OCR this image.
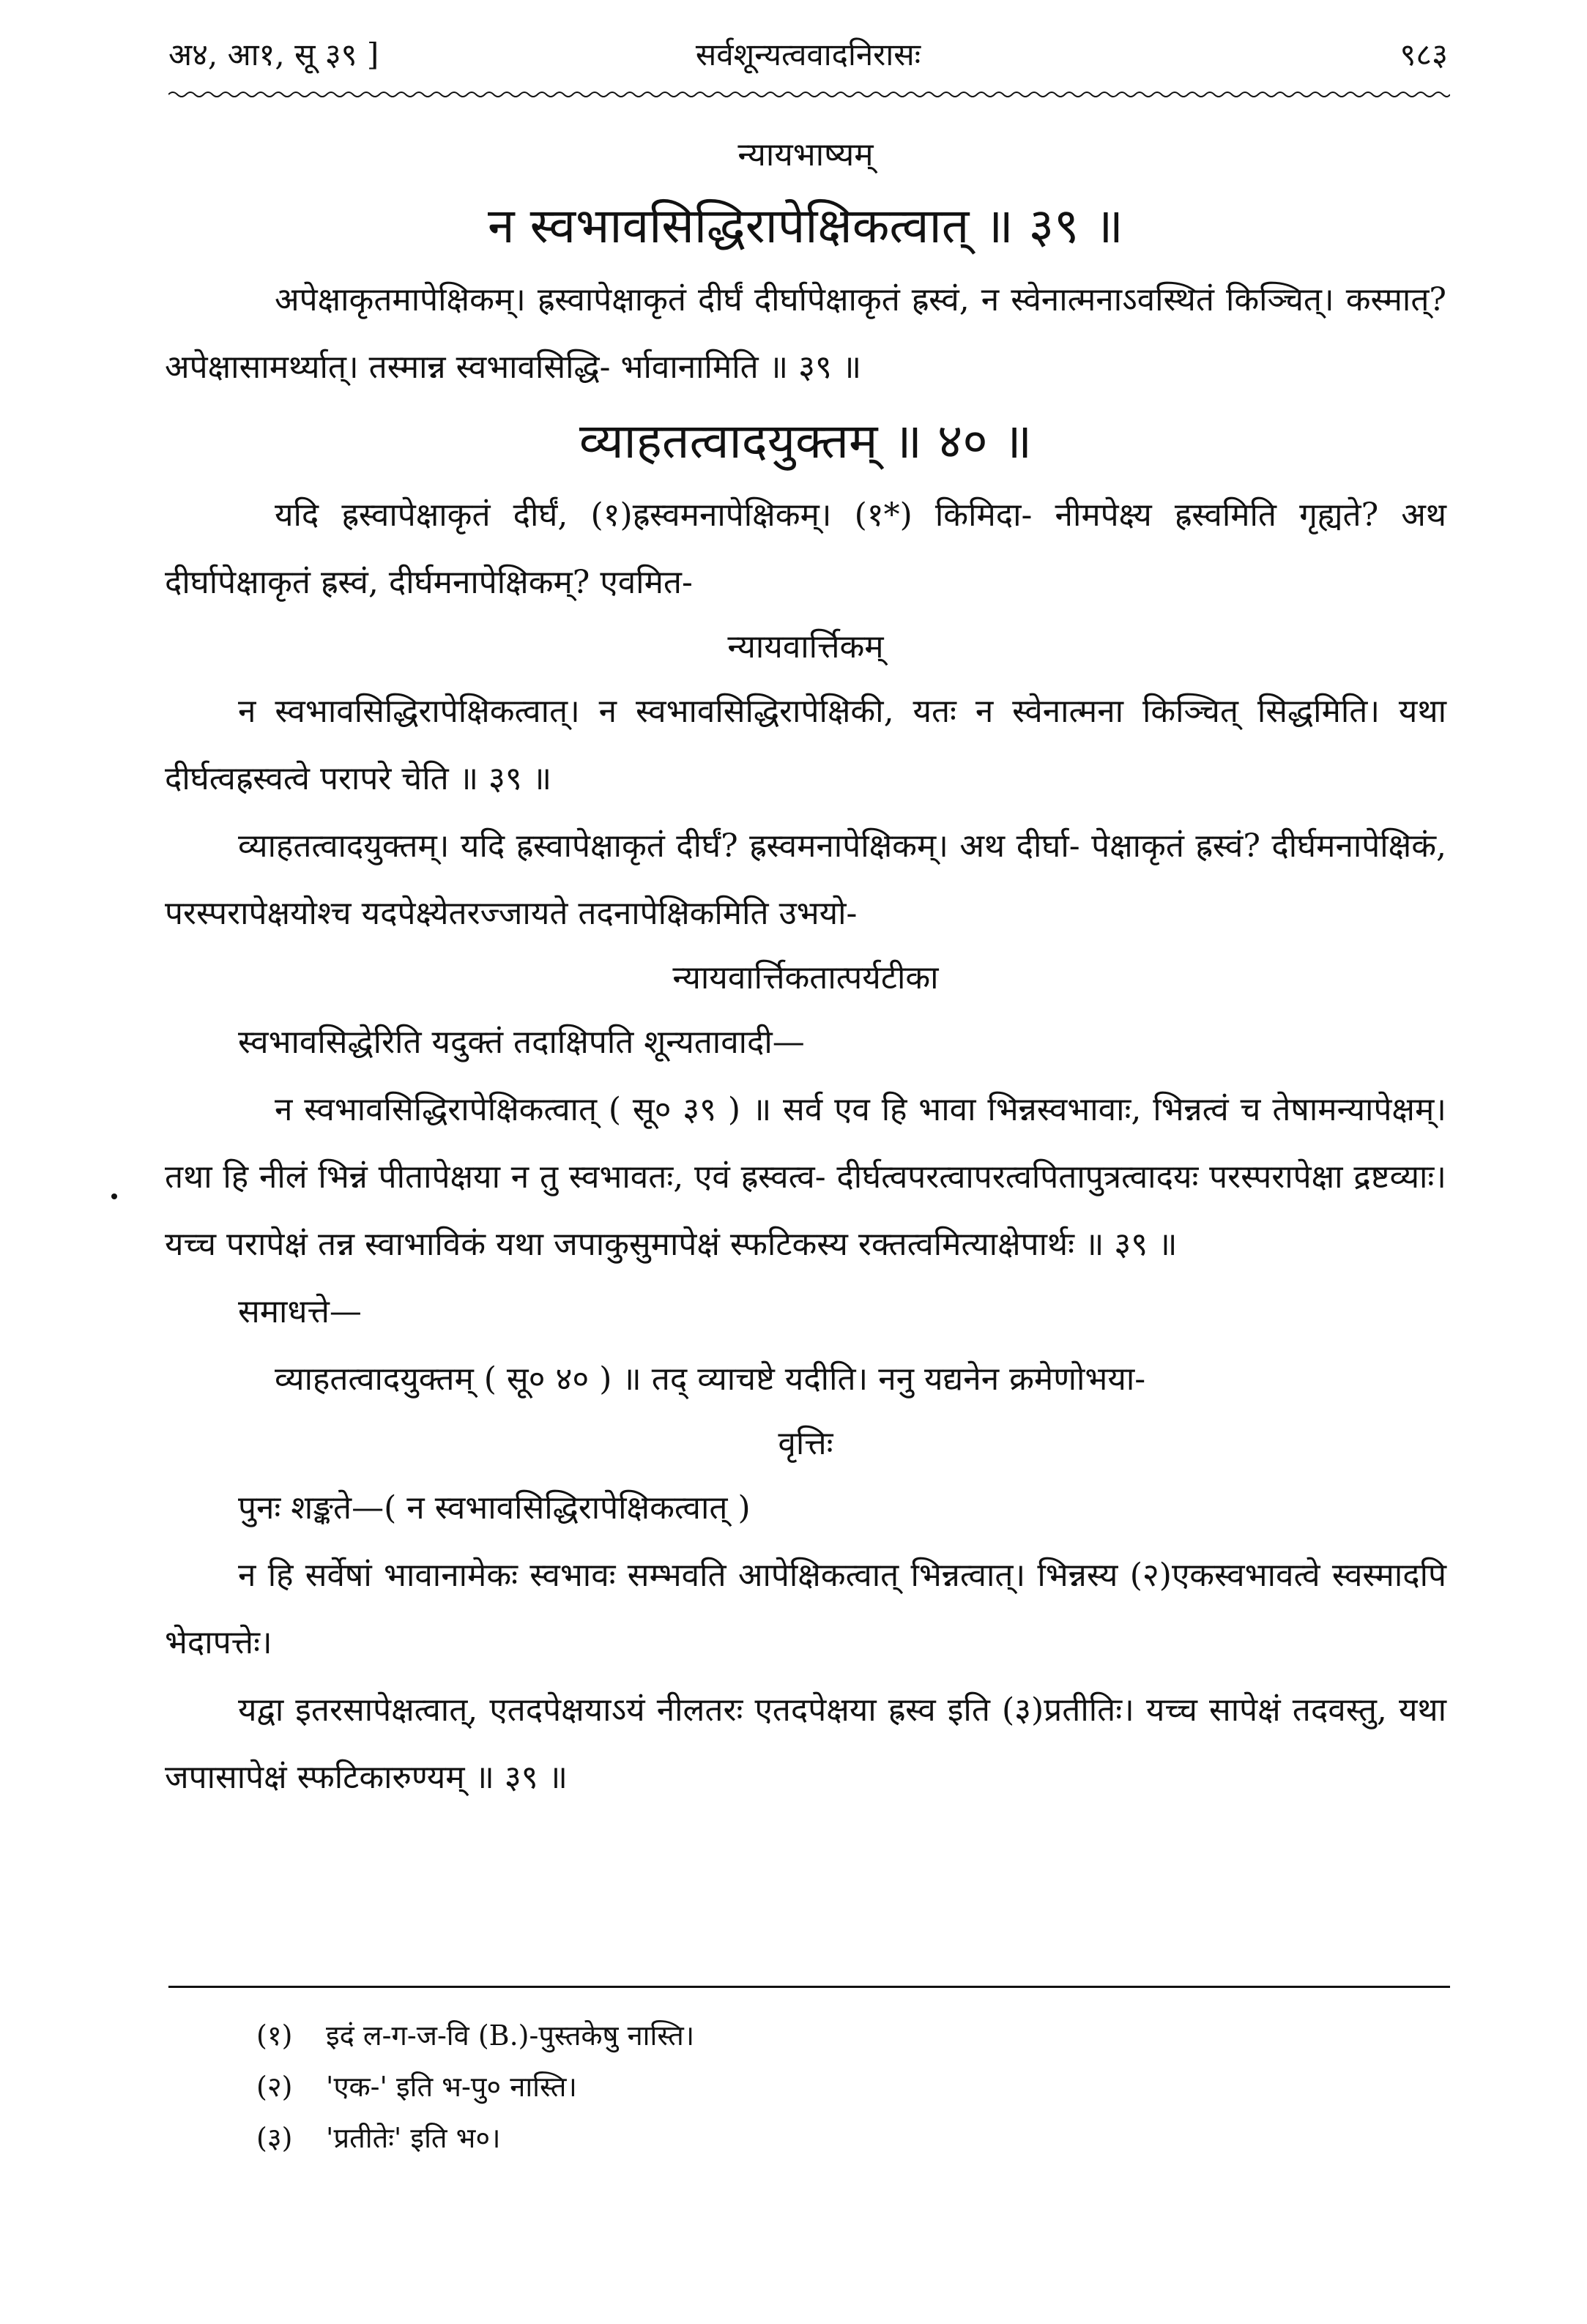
अ४, आ१, सू ३९ ]	सर्वशून्यत्ववादनिरासः	९८३

न्यायभाष्यम्

न स्वभावसिद्धिरापेक्षिकत्वात् ॥ ३९ ॥

अपेक्षाकृतमापेक्षिकम्। ह्रस्वापेक्षाकृतं दीर्घं दीर्घापेक्षाकृतं ह्रस्वं, न स्वेनात्मनाऽवस्थितं किञ्चित्। कस्मात्? अपेक्षासामर्थ्यात्। तस्मान्न स्वभावसिद्धि- र्भावानामिति ॥ ३९ ॥

व्याहतत्वादयुक्तम् ॥ ४० ॥

यदि ह्रस्वापेक्षाकृतं दीर्घं, (१)ह्रस्वमनापेक्षिकम्। (१*) किमिदा- नीमपेक्ष्य ह्रस्वमिति गृह्यते? अथ दीर्घापेक्षाकृतं ह्रस्वं, दीर्घमनापेक्षिकम्? एवमित-

न्यायवार्त्तिकम्

न स्वभावसिद्धिरापेक्षिकत्वात्। न स्वभावसिद्धिरापेक्षिकी, यतः न स्वेनात्मना किञ्चित् सिद्धमिति। यथा दीर्घत्वह्रस्वत्वे परापरे चेति ॥ ३९ ॥

व्याहतत्वादयुक्तम्। यदि ह्रस्वापेक्षाकृतं दीर्घं? ह्रस्वमनापेक्षिकम्। अथ दीर्घा- पेक्षाकृतं ह्रस्वं? दीर्घमनापेक्षिकं, परस्परापेक्षयोश्च यदपेक्ष्येतरज्जायते तदनापेक्षिकमिति उभयो-

न्यायवार्त्तिकतात्पर्यटीका

स्वभावसिद्धेरिति यदुक्तं तदाक्षिपति शून्यतावादी—

न स्वभावसिद्धिरापेक्षिकत्वात् ( सू० ३९ ) ॥ सर्व एव हि भावा भिन्नस्वभावाः, भिन्नत्वं च तेषामन्यापेक्षम्। तथा हि नीलं भिन्नं पीतापेक्षया न तु स्वभावतः, एवं ह्रस्वत्व- दीर्घत्वपरत्वापरत्वपितापुत्रत्वादयः परस्परापेक्षा द्रष्टव्याः। यच्च परापेक्षं तन्न स्वाभाविकं यथा जपाकुसुमापेक्षं स्फटिकस्य रक्तत्वमित्याक्षेपार्थः ॥ ३९ ॥

समाधत्ते—

व्याहतत्वादयुक्तम् ( सू० ४० ) ॥ तद् व्याचष्टे यदीति। ननु यद्यनेन क्रमेणोभया-

वृत्तिः

पुनः शङ्कते—( न स्वभावसिद्धिरापेक्षिकत्वात् )

न हि सर्वेषां भावानामेकः स्वभावः सम्भवति आपेक्षिकत्वात् भिन्नत्वात्। भिन्नस्य (२)एकस्वभावत्वे स्वस्मादपि भेदापत्तेः।

यद्वा इतरसापेक्षत्वात्, एतदपेक्षयाऽयं नीलतरः एतदपेक्षया ह्रस्व इति (३)प्रतीतिः। यच्च सापेक्षं तदवस्तु, यथा जपासापेक्षं स्फटिकारुण्यम् ॥ ३९ ॥

(१) इदं ल-ग-ज-वि (B.)-पुस्तकेषु नास्ति।

(२) 'एक-' इति भ-पु० नास्ति।

(३) 'प्रतीतेः' इति भ०।
